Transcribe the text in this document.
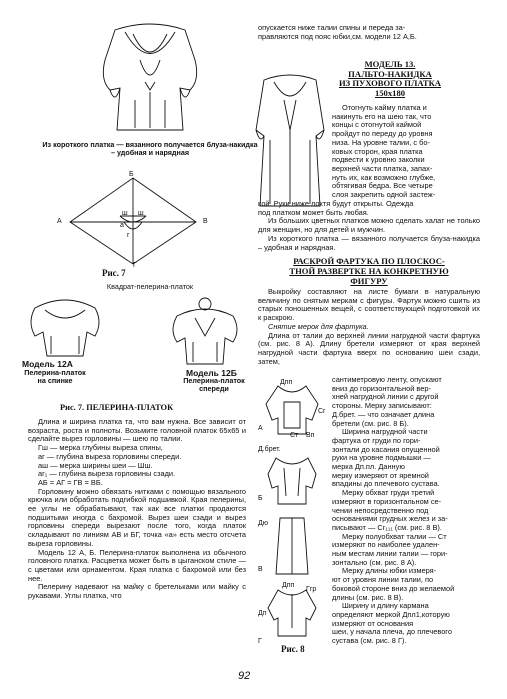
Из короткого платка — вязанного получается блуза-накидка – удобная и нарядная
Б
А	В
Г
ш ш
а
г
Рис. 7
Квадрат-пелерина-платок
Модель 12А
Пелерина-платок на спинке
Модель 12Б
Пелерина-платок спереди
Рис. 7. ПЕЛЕРИНА-ПЛАТОК
Длина и ширина платка та, что вам нужна. Все зависит от возраста, роста и полноты. Возьмите головной платок 65х65 и сделайте вырез горловины — шею по талии.
Гш — мерка глубины выреза спины,
аг — глубина выреза горловины спереди.
аш — мерка ширины шеи — Шш.
аг₁ — глубина выреза горловины сзади.
АБ = АГ = ГВ = ВБ.
Горловину можно обвязать нитками с помощью вязального крючка или обработать подгибкой подшивкой. Края пелерины, ее углы не обрабатывают, так как все платки продаются подшитыми иногда с бахромой. Вырез шеи сзади и вырез горловины спереди вырезают после того, когда платок складывают по линиям АВ и БГ, точка «а» есть место отсчета выреза горловины.
Модель 12 А, Б. Пелерина-платок выполнена из обычного головного платка. Расцветка может быть в цыганском стиле — с цветами или орнаментом. Края платка с бахромой или без нее.
Пелерину надевают на майку с бретельками или майку с рукавами. Углы платка, что
опускается ниже талии спины и переда за-
правляются под пояс юбки,см. модели 12 А,Б.
МОДЕЛЬ 13.
ПАЛЬТО-НАКИДКА
ИЗ ПУХОВОГО ПЛАТКА
150х180
Отогнуть кайму платка и
накинуть его на шею так, что
концы с отогнутой каймой
пройдут по переду до уровня
низа. На уровне талии, с бо-
ковых сторон, края платка
подвести к уровню заколки
верхней части платка, запах-
нуть их, как возможно глубже,
обтягивая бедра. Все четыре
слоя закрепить одной застеж-
кой. Руки ниже локтя будут открыты. Одежда
под платком может быть любая.
Из больших цветных платков можно сделать халат не только для женщин, но для детей и мужчин.
Из короткого платка — вязанного получается блуза-накидка – удобная и нарядная.
РАСКРОЙ ФАРТУКА ПО ПЛОСКОС-
ТНОЙ РАЗВЕРТКЕ НА КОНКРЕТНУЮ
ФИГУРУ
Выкройку составляют на листе бумаги в натуральную величину по снятым меркам с фигуры. Фартук можно сшить из старых поношенных вещей, с соответствующей подготовкой их к раскрою.
Снятие мерок для фартука.
Длина от талии до верхней линии нагрудной части фартука (см. рис. 8 А). Длину бретели измеряют от края верхней нагрудной части фартука вверх по основанию шеи сзади, затем,
Дпп
А
Ст Вп
Сг
Д.брет.
Б
Дю
В
Дпп
Ггр
Дп
Г
Рис. 8
сантиметровую ленту, опускают
вниз до горизонтальной вер-
хней нагрудной линии с другой
стороны. Мерку записывают:
Д.брет. — что означает длина
бретели (см. рис. 8 Б).
Ширина нагрудной части
фартука от груди по гори-
зонтали до касания опущенной
руки на уровне подмышки —
мерка Дп.пл. Данную
мерку измеряют от яремной
впадины до плечевого сустава.
Мерку обхват груди третий
измеряют в горизонтальном се-
чении непосредственно под
основаниями грудных желез и за-
писывают — Сг₁₁₁ (см. рис. 8 В).
Мерку полуобхват талии — Ст
измеряют по наиболее удален-
ным местам линии талии — гори-
зонтально (см. рис. 8 А).
Мерку длины юбки измеря-
ют от уровня линии талии, по
боковой стороне вниз до желаемой
длины (см. рис. 8 В).
Ширину и длину кармана
определяют меркой Дпл1,которую
измеряют от основания
шеи, у начала плеча, до плечевого
сустава (см. рис. 8 Г).
92
